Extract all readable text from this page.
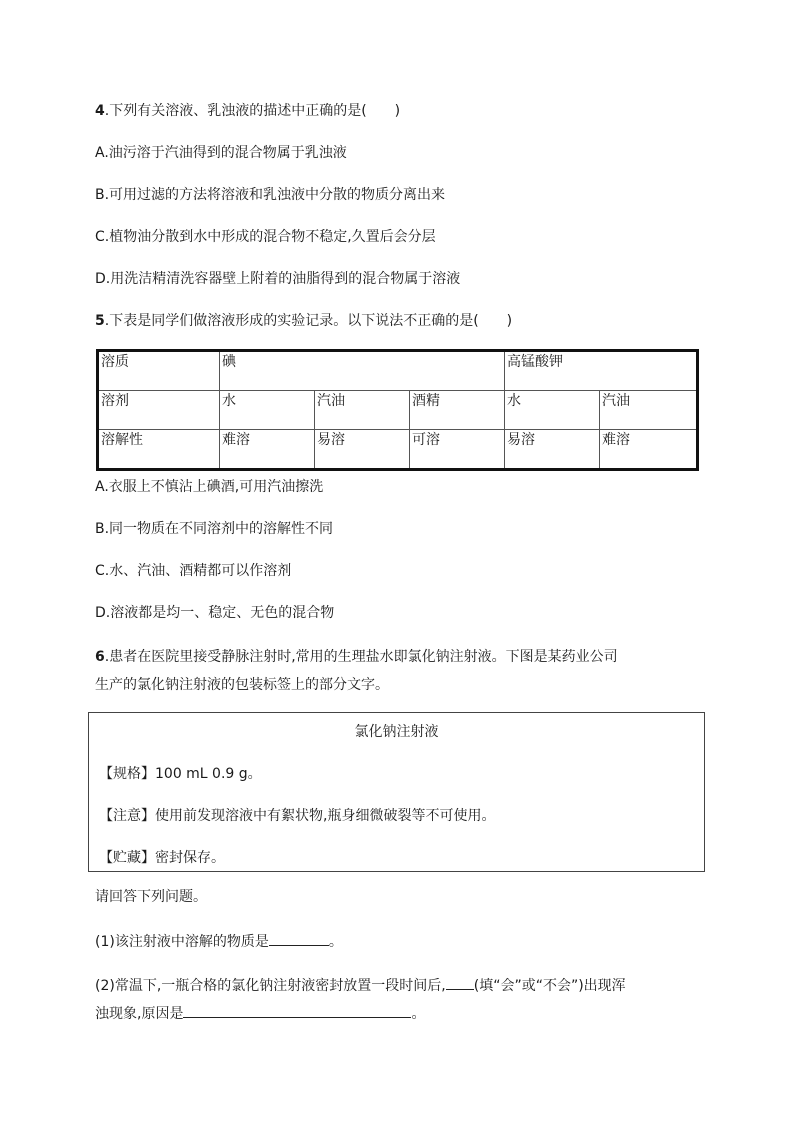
4.下列有关溶液、乳浊液的描述中正确的是(　　)
A.油污溶于汽油得到的混合物属于乳浊液
B.可用过滤的方法将溶液和乳浊液中分散的物质分离出来
C.植物油分散到水中形成的混合物不稳定,久置后会分层
D.用洗洁精清洗容器壁上附着的油脂得到的混合物属于溶液
5.下表是同学们做溶液形成的实验记录。以下说法不正确的是(　　)
溶质	碘			高锰酸钾	
溶剂	水	汽油	酒精	水	汽油
溶解性	难溶	易溶	可溶	易溶	难溶
A.衣服上不慎沾上碘酒,可用汽油擦洗
B.同一物质在不同溶剂中的溶解性不同
C.水、汽油、酒精都可以作溶剂
D.溶液都是均一、稳定、无色的混合物
6.患者在医院里接受静脉注射时,常用的生理盐水即氯化钠注射液。下图是某药业公司
生产的氯化钠注射液的包装标签上的部分文字。
氯化钠注射液
【规格】100 mL 0.9 g。
【注意】使用前发现溶液中有絮状物,瓶身细微破裂等不可使用。
【贮藏】密封保存。
请回答下列问题。
(1)该注射液中溶解的物质是	。
(2)常温下,一瓶合格的氯化钠注射液密封放置一段时间后, (填“会”或“不会”)出现浑
浊现象,原因是	。
